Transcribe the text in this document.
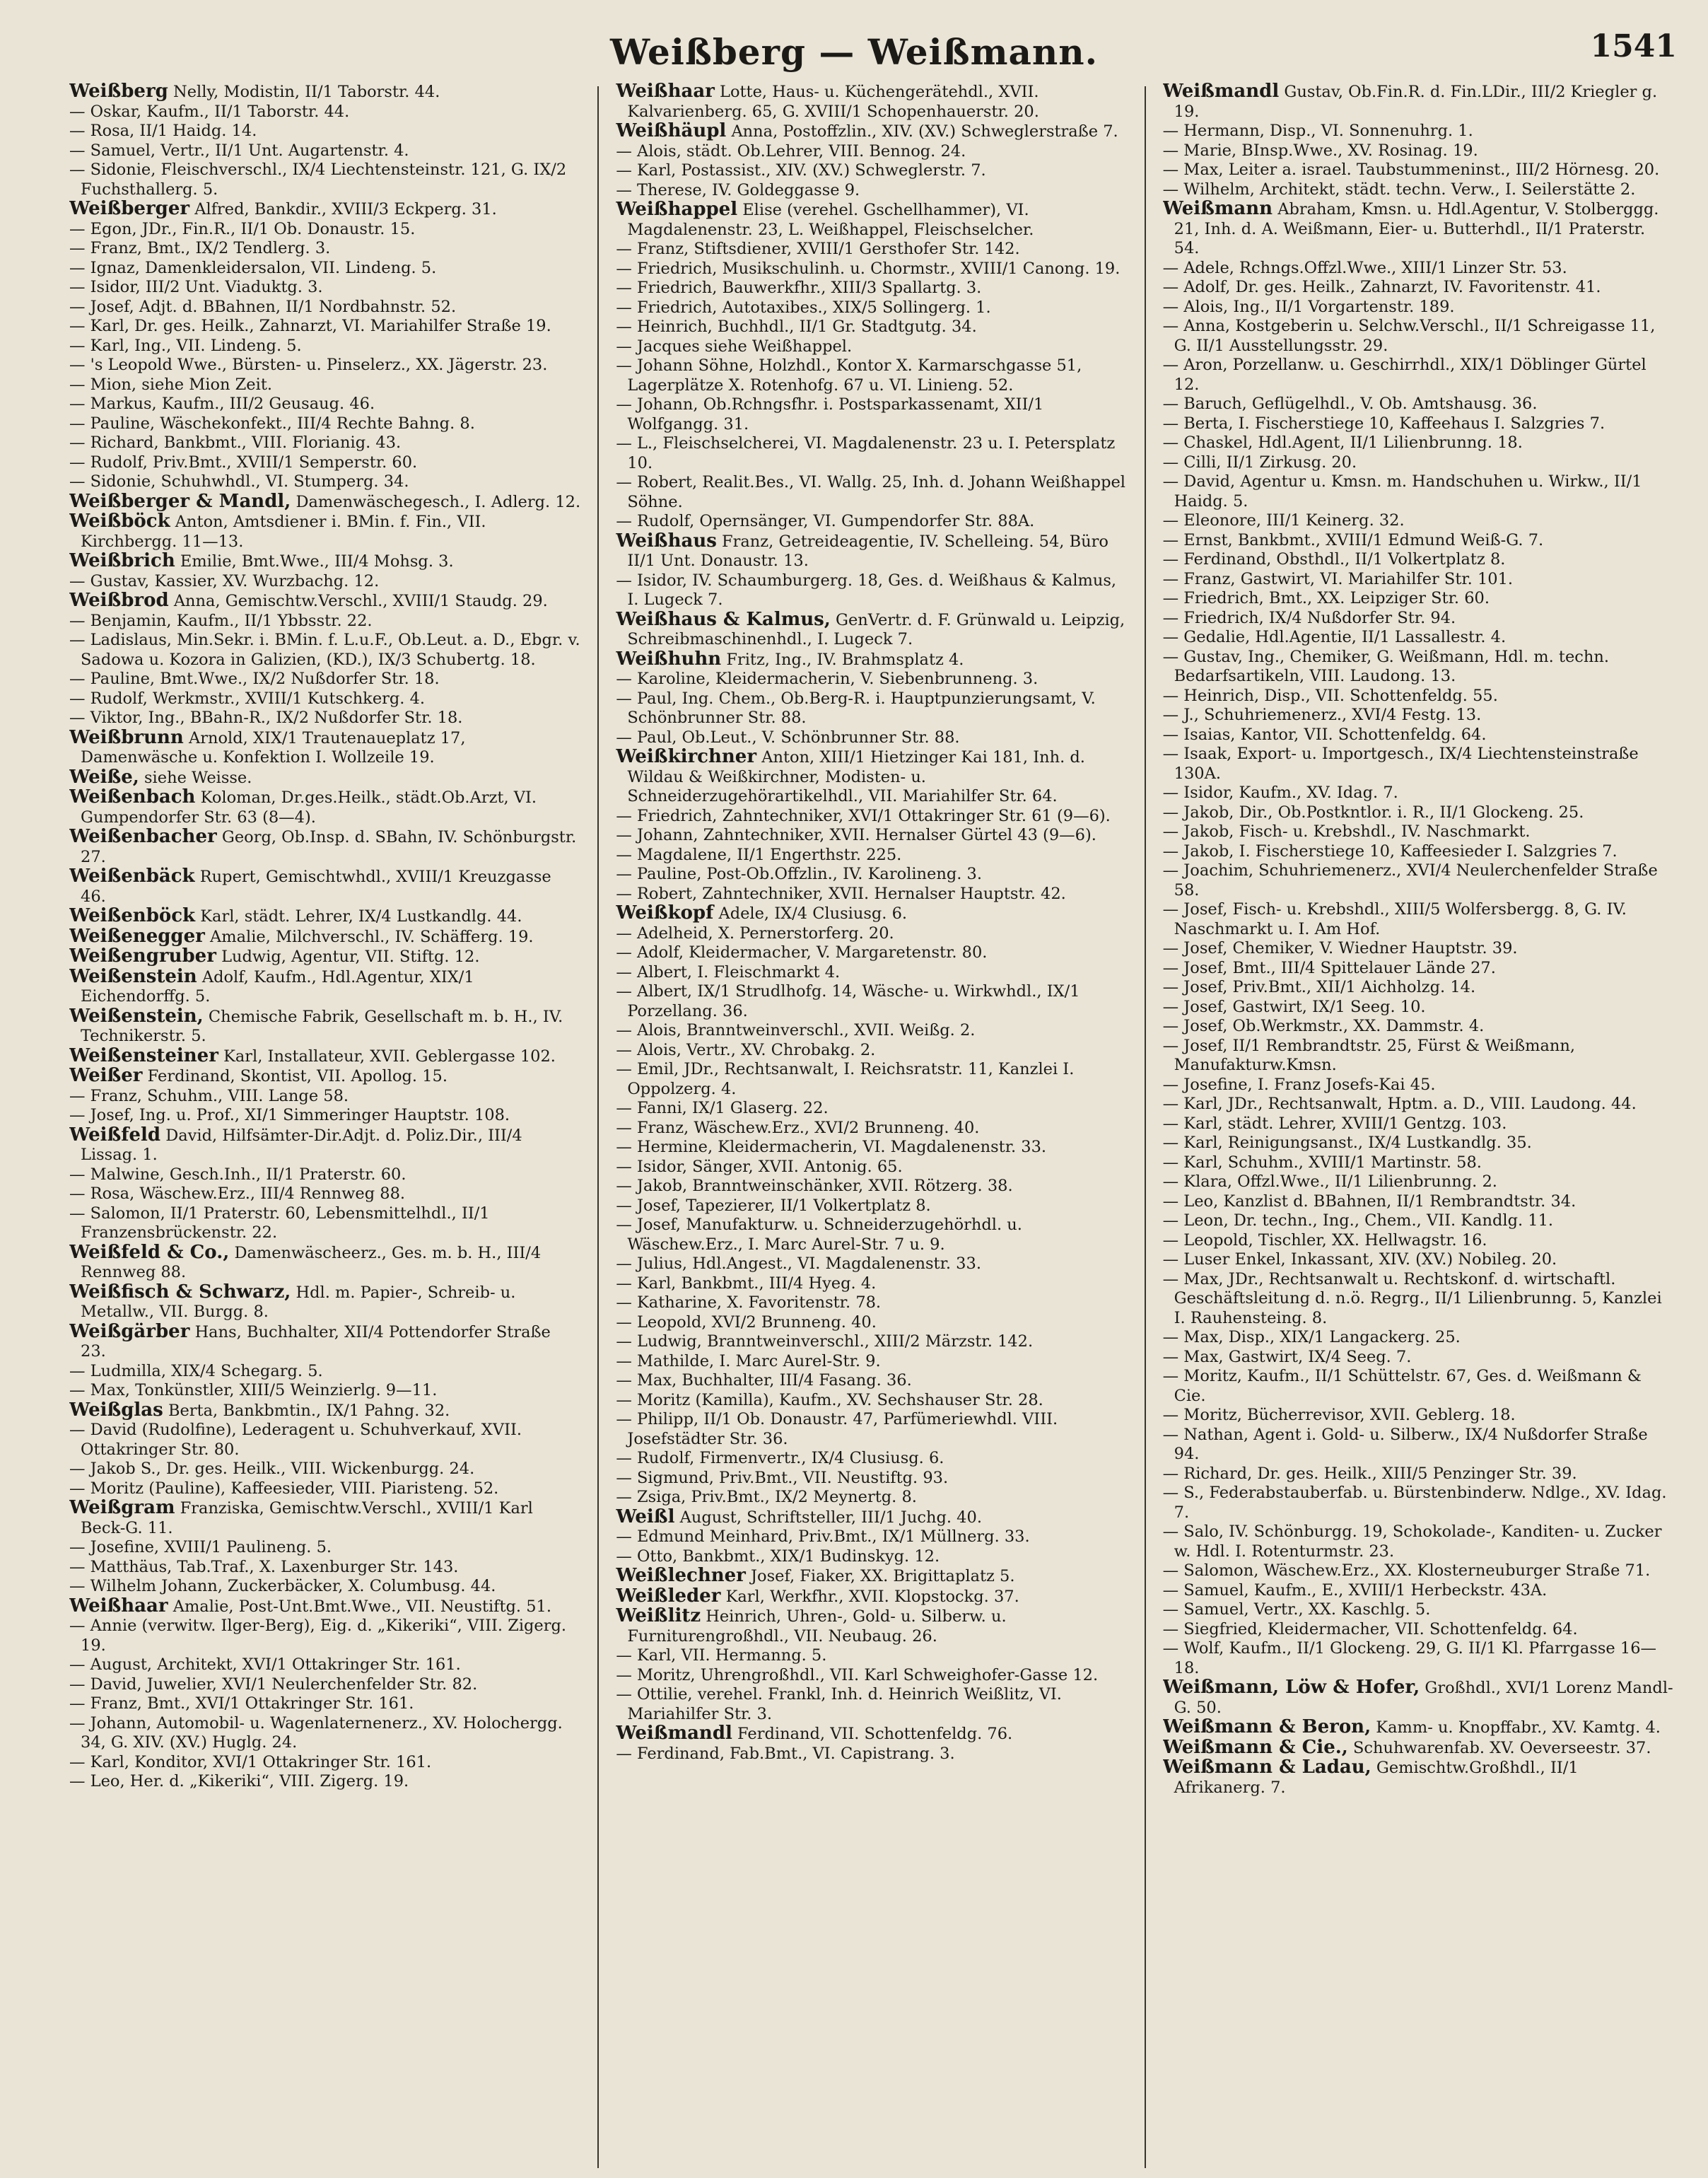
Weißberg — Weißmann.	1541

Weißberg Nelly, Modistin, II/1 Taborstr. 44.

— Oskar, Kaufm., II/1 Taborstr. 44.

— Rosa, II/1 Haidg. 14.

— Samuel, Vertr., II/1 Unt. Augartenstr. 4.

— Sidonie, Fleischverschl., IX/4 Liechtensteinstr. 121, G. IX/2 Fuchsthallerg. 5.

Weißberger Alfred, Bankdir., XVIII/3 Eckperg. 31.

— Egon, JDr., Fin.R., II/1 Ob. Donaustr. 15.

— Franz, Bmt., IX/2 Tendlerg. 3.

— Ignaz, Damenkleidersalon, VII. Lindeng. 5.

— Isidor, III/2 Unt. Viaduktg. 3.

— Josef, Adjt. d. BBahnen, II/1 Nordbahnstr. 52.

— Karl, Dr. ges. Heilk., Zahnarzt, VI. Mariahilfer Straße 19.

— Karl, Ing., VII. Lindeng. 5.

— 's Leopold Wwe., Bürsten- u. Pinselerz., XX. Jägerstr. 23.

— Mion, siehe Mion Zeit.

— Markus, Kaufm., III/2 Geusaug. 46.

— Pauline, Wäschekonfekt., III/4 Rechte Bahng. 8.

— Richard, Bankbmt., VIII. Florianig. 43.

— Rudolf, Priv.Bmt., XVIII/1 Semperstr. 60.

— Sidonie, Schuhwhdl., VI. Stumperg. 34.

Weißberger & Mandl, Damenwäschegesch., I. Adlerg. 12.

Weißböck Anton, Amtsdiener i. BMin. f. Fin., VII. Kirchbergg. 11—13.

Weißbrich Emilie, Bmt.Wwe., III/4 Mohsg. 3.

— Gustav, Kassier, XV. Wurzbachg. 12.

Weißbrod Anna, Gemischtw.Verschl., XVIII/1 Staudg. 29.

— Benjamin, Kaufm., II/1 Ybbsstr. 22.

— Ladislaus, Min.Sekr. i. BMin. f. L.u.F., Ob.Leut. a. D., Ebgr. v. Sadowa u. Kozora in Galizien, (KD.), IX/3 Schubertg. 18.

— Pauline, Bmt.Wwe., IX/2 Nußdorfer Str. 18.

— Rudolf, Werkmstr., XVIII/1 Kutschkerg. 4.

— Viktor, Ing., BBahn-R., IX/2 Nußdorfer Str. 18.

Weißbrunn Arnold, XIX/1 Trautenaueplatz 17, Damenwäsche u. Konfektion I. Wollzeile 19.

Weiße, siehe Weisse.

Weißenbach Koloman, Dr.ges.Heilk., städt.Ob.Arzt, VI. Gumpendorfer Str. 63 (8—4).

Weißenbacher Georg, Ob.Insp. d. SBahn, IV. Schönburgstr. 27.

Weißenbäck Rupert, Gemischtwhdl., XVIII/1 Kreuzgasse 46.

Weißenböck Karl, städt. Lehrer, IX/4 Lustkandlg. 44.

Weißenegger Amalie, Milchverschl., IV. Schäfferg. 19.

Weißengruber Ludwig, Agentur, VII. Stiftg. 12.

Weißenstein Adolf, Kaufm., Hdl.Agentur, XIX/1 Eichendorffg. 5.

Weißenstein, Chemische Fabrik, Gesellschaft m. b. H., IV. Technikerstr. 5.

Weißensteiner Karl, Installateur, XVII. Geblergasse 102.

Weißer Ferdinand, Skontist, VII. Apollog. 15.

— Franz, Schuhm., VIII. Lange 58.

— Josef, Ing. u. Prof., XI/1 Simmeringer Hauptstr. 108.

Weißfeld David, Hilfsämter-Dir.Adjt. d. Poliz.Dir., III/4 Lissag. 1.

— Malwine, Gesch.Inh., II/1 Praterstr. 60.

— Rosa, Wäschew.Erz., III/4 Rennweg 88.

— Salomon, II/1 Praterstr. 60, Lebensmittelhdl., II/1 Franzensbrückenstr. 22.

Weißfeld & Co., Damenwäscheerz., Ges. m. b. H., III/4 Rennweg 88.

Weißfisch & Schwarz, Hdl. m. Papier-, Schreib- u. Metallw., VII. Burgg. 8.

Weißgärber Hans, Buchhalter, XII/4 Pottendorfer Straße 23.

— Ludmilla, XIX/4 Schegarg. 5.

— Max, Tonkünstler, XIII/5 Weinzierlg. 9—11.

Weißglas Berta, Bankbmtin., IX/1 Pahng. 32.

— David (Rudolfine), Lederagent u. Schuhverkauf, XVII. Ottakringer Str. 80.

— Jakob S., Dr. ges. Heilk., VIII. Wickenburgg. 24.

— Moritz (Pauline), Kaffeesieder, VIII. Piaristeng. 52.

Weißgram Franziska, Gemischtw.Verschl., XVIII/1 Karl Beck-G. 11.

— Josefine, XVIII/1 Paulineng. 5.

— Matthäus, Tab.Trаf., X. Laxenburger Str. 143.

— Wilhelm Johann, Zuckerbäcker, X. Columbusg. 44.

Weißhaar Amalie, Post-Unt.Bmt.Wwe., VII. Neustiftg. 51.

— Annie (verwitw. Ilger-Berg), Eig. d. „Kikeriki“, VIII. Zigerg. 19.

— August, Architekt, XVI/1 Ottakringer Str. 161.

— David, Juwelier, XVI/1 Neulerchenfelder Str. 82.

— Franz, Bmt., XVI/1 Ottakringer Str. 161.

— Johann, Automobil- u. Wagenlaternenerz., XV. Holochergg. 34, G. XIV. (XV.) Huglg. 24.

— Karl, Konditor, XVI/1 Ottakringer Str. 161.

— Leo, Her. d. „Kikeriki“, VIII. Zigerg. 19.

Weißhaar Lotte, Haus- u. Küchengerätehdl., XVII. Kalvarienberg. 65, G. XVIII/1 Schopenhauerstr. 20.

Weißhäupl Anna, Postoffzlin., XIV. (XV.) Schweglerstraße 7.

— Alois, städt. Ob.Lehrer, VIII. Bennog. 24.

— Karl, Postassist., XIV. (XV.) Schweglerstr. 7.

— Therese, IV. Goldeggasse 9.

Weißhappel Elise (verehel. Gschellhammer), VI. Magdalenenstr. 23, L. Weißhappel, Fleischselcher.

— Franz, Stiftsdiener, XVIII/1 Gersthofer Str. 142.

— Friedrich, Musikschulinh. u. Chormstr., XVIII/1 Canong. 19.

— Friedrich, Bauwerkfhr., XIII/3 Spallartg. 3.

— Friedrich, Autotaxibes., XIX/5 Sollingerg. 1.

— Heinrich, Buchhdl., II/1 Gr. Stadtgutg. 34.

— Jacques siehe Weißhappel.

— Johann Söhne, Holzhdl., Kontor X. Karmarschgasse 51, Lagerplätze X. Rotenhofg. 67 u. VI. Linieng. 52.

— Johann, Ob.Rchngsfhr. i. Postsparkassenamt, XII/1 Wolfgangg. 31.

— L., Fleischselcherei, VI. Magdalenenstr. 23 u. I. Petersplatz 10.

— Robert, Realit.Bes., VI. Wallg. 25, Inh. d. Johann Weißhappel Söhne.

— Rudolf, Opernsänger, VI. Gumpendorfer Str. 88A.

Weißhaus Franz, Getreideagentie, IV. Schelleing. 54, Büro II/1 Unt. Donaustr. 13.

— Isidor, IV. Schaumburgerg. 18, Ges. d. Weißhaus & Kalmus, I. Lugeck 7.

Weißhaus & Kalmus, GenVertr. d. F. Grünwald u. Leipzig, Schreibmaschinenhdl., I. Lugeck 7.

Weißhuhn Fritz, Ing., IV. Brahmsplatz 4.

— Karoline, Kleidermacherin, V. Siebenbrunneng. 3.

— Paul, Ing. Chem., Ob.Berg-R. i. Hauptpunzierungsamt, V. Schönbrunner Str. 88.

— Paul, Ob.Leut., V. Schönbrunner Str. 88.

Weißkirchner Anton, XIII/1 Hietzinger Kai 181, Inh. d. Wildau & Weißkirchner, Modisten- u. Schneiderzugehörartikelhdl., VII. Mariahilfer Str. 64.

— Friedrich, Zahntechniker, XVI/1 Ottakringer Str. 61 (9—6).

— Johann, Zahntechniker, XVII. Hernalser Gürtel 43 (9—6).

— Magdalene, II/1 Engerthstr. 225.

— Pauline, Post-Ob.Offzlin., IV. Karolineng. 3.

— Robert, Zahntechniker, XVII. Hernalser Hauptstr. 42.

Weißkopf Adele, IX/4 Clusiusg. 6.

— Adelheid, X. Pernerstorferg. 20.

— Adolf, Kleidermacher, V. Margaretenstr. 80.

— Albert, I. Fleischmarkt 4.

— Albert, IX/1 Strudlhofg. 14, Wäsche- u. Wirkwhdl., IX/1 Porzellang. 36.

— Alois, Branntweinverschl., XVII. Weißg. 2.

— Alois, Vertr., XV. Chrobakg. 2.

— Emil, JDr., Rechtsanwalt, I. Reichsratstr. 11, Kanzlei I. Oppolzerg. 4.

— Fanni, IX/1 Glaserg. 22.

— Franz, Wäschew.Erz., XVI/2 Brunneng. 40.

— Hermine, Kleidermacherin, VI. Magdalenenstr. 33.

— Isidor, Sänger, XVII. Antonig. 65.

— Jakob, Branntweinschänker, XVII. Rötzerg. 38.

— Josef, Tapezierer, II/1 Volkertplatz 8.

— Josef, Manufakturw. u. Schneiderzugehörhdl. u. Wäschew.Erz., I. Marc Aurel-Str. 7 u. 9.

— Julius, Hdl.Angest., VI. Magdalenenstr. 33.

— Karl, Bankbmt., III/4 Hyeg. 4.

— Katharine, X. Favoritenstr. 78.

— Leopold, XVI/2 Brunneng. 40.

— Ludwig, Branntweinverschl., XIII/2 Märzstr. 142.

— Mathilde, I. Marc Aurel-Str. 9.

— Max, Buchhalter, III/4 Fasang. 36.

— Moritz (Kamilla), Kaufm., XV. Sechshauser Str. 28.

— Philipp, II/1 Ob. Donaustr. 47, Parfümeriewhdl. VIII. Josefstädter Str. 36.

— Rudolf, Firmenvertr., IX/4 Clusiusg. 6.

— Sigmund, Priv.Bmt., VII. Neustiftg. 93.

— Zsiga, Priv.Bmt., IX/2 Meynertg. 8.

Weißl August, Schriftsteller, III/1 Juchg. 40.

— Edmund Meinhard, Priv.Bmt., IX/1 Müllnerg. 33.

— Otto, Bankbmt., XIX/1 Budinskyg. 12.

Weißlechner Josef, Fiaker, XX. Brigittaplatz 5.

Weißleder Karl, Werkfhr., XVII. Klopstockg. 37.

Weißlitz Heinrich, Uhren-, Gold- u. Silberw. u. Furniturengroßhdl., VII. Neubaug. 26.

— Karl, VII. Hermanng. 5.

— Moritz, Uhrengroßhdl., VII. Karl Schweighofer-Gasse 12.

— Ottilie, verehel. Frankl, Inh. d. Heinrich Weißlitz, VI. Mariahilfer Str. 3.

Weißmandl Ferdinand, VII. Schottenfeldg. 76.

— Ferdinand, Fab.Bmt., VI. Capistrang. 3.

Weißmandl Gustav, Ob.Fin.R. d. Fin.LDir., III/2 Kriegler g. 19.

— Hermann, Disp., VI. Sonnenuhrg. 1.

— Marie, BInsp.Wwe., XV. Rosinag. 19.

— Max, Leiter a. israel. Taubstummeninst., III/2 Hörnesg. 20.

— Wilhelm, Architekt, städt. techn. Verw., I. Seilerstätte 2.

Weißmann Abraham, Kmsn. u. Hdl.Agentur, V. Stolberggg. 21, Inh. d. A. Weißmann, Eier- u. Butterhdl., II/1 Praterstr. 54.

— Adele, Rchngs.Offzl.Wwe., XIII/1 Linzer Str. 53.

— Adolf, Dr. ges. Heilk., Zahnarzt, IV. Favoritenstr. 41.

— Alois, Ing., II/1 Vorgartenstr. 189.

— Anna, Kostgeberin u. Selchw.Verschl., II/1 Schreigasse 11, G. II/1 Ausstellungsstr. 29.

— Aron, Porzellanw. u. Geschirrhdl., XIX/1 Döblinger Gürtel 12.

— Baruch, Geflügelhdl., V. Ob. Amtshausg. 36.

— Berta, I. Fischerstiege 10, Kaffeehaus I. Salzgries 7.

— Chaskel, Hdl.Agent, II/1 Lilienbrunng. 18.

— Cilli, II/1 Zirkusg. 20.

— David, Agentur u. Kmsn. m. Handschuhen u. Wirkw., II/1 Haidg. 5.

— Eleonore, III/1 Keinerg. 32.

— Ernst, Bankbmt., XVIII/1 Edmund Weiß-G. 7.

— Ferdinand, Obsthdl., II/1 Volkertplatz 8.

— Franz, Gastwirt, VI. Mariahilfer Str. 101.

— Friedrich, Bmt., XX. Leipziger Str. 60.

— Friedrich, IX/4 Nußdorfer Str. 94.

— Gedalie, Hdl.Agentie, II/1 Lassallestr. 4.

— Gustav, Ing., Chemiker, G. Weißmann, Hdl. m. techn. Bedarfsartikeln, VIII. Laudong. 13.

— Heinrich, Disp., VII. Schottenfeldg. 55.

— J., Schuhriemenerz., XVI/4 Festg. 13.

— Isaias, Kantor, VII. Schottenfeldg. 64.

— Isaak, Export- u. Importgesch., IX/4 Liechtensteinstraße 130A.

— Isidor, Kaufm., XV. Idag. 7.

— Jakob, Dir., Ob.Postkntlor. i. R., II/1 Glockeng. 25.

— Jakob, Fisch- u. Krebshdl., IV. Naschmarkt.

— Jakob, I. Fischerstiege 10, Kaffeesieder I. Salzgries 7.

— Joachim, Schuhriemenerz., XVI/4 Neulerchenfelder Straße 58.

— Josef, Fisch- u. Krebshdl., XIII/5 Wolfersbergg. 8, G. IV. Naschmarkt u. I. Am Hof.

— Josef, Chemiker, V. Wiedner Hauptstr. 39.

— Josef, Bmt., III/4 Spittelauer Lände 27.

— Josef, Priv.Bmt., XII/1 Aichholzg. 14.

— Josef, Gastwirt, IX/1 Seeg. 10.

— Josef, Ob.Werkmstr., XX. Dammstr. 4.

— Josef, II/1 Rembrandtstr. 25, Fürst & Weißmann, Manufakturw.Kmsn.

— Josefine, I. Franz Josefs-Kai 45.

— Karl, JDr., Rechtsanwalt, Hptm. a. D., VIII. Laudong. 44.

— Karl, städt. Lehrer, XVIII/1 Gentzg. 103.

— Karl, Reinigungsanst., IX/4 Lustkandlg. 35.

— Karl, Schuhm., XVIII/1 Martinstr. 58.

— Klara, Offzl.Wwe., II/1 Lilienbrunng. 2.

— Leo, Kanzlist d. BBahnen, II/1 Rembrandtstr. 34.

— Leon, Dr. techn., Ing., Chem., VII. Kandlg. 11.

— Leopold, Tischler, XX. Hellwagstr. 16.

— Luser Enkel, Inkassant, XIV. (XV.) Nobileg. 20.

— Max, JDr., Rechtsanwalt u. Rechtskonf. d. wirtschaftl. Geschäftsleitung d. n.ö. Regrg., II/1 Lilienbrunng. 5, Kanzlei I. Rauhensteing. 8.

— Max, Disp., XIX/1 Langackerg. 25.

— Max, Gastwirt, IX/4 Seeg. 7.

— Moritz, Kaufm., II/1 Schüttelstr. 67, Ges. d. Weißmann & Cie.

— Moritz, Bücherrevisor, XVII. Geblerg. 18.

— Nathan, Agent i. Gold- u. Silberw., IX/4 Nußdorfer Straße 94.

— Richard, Dr. ges. Heilk., XIII/5 Penzinger Str. 39.

— S., Federabstauberfab. u. Bürstenbinderw. Ndlge., XV. Idag. 7.

— Salo, IV. Schönburgg. 19, Schokolade-, Kanditen- u. Zucker w. Hdl. I. Rotenturmstr. 23.

— Salomon, Wäschew.Erz., XX. Klosterneuburger Straße 71.

— Samuel, Kaufm., E., XVIII/1 Herbeckstr. 43A.

— Samuel, Vertr., XX. Kaschlg. 5.

— Siegfried, Kleidermacher, VII. Schottenfeldg. 64.

— Wolf, Kaufm., II/1 Glockeng. 29, G. II/1 Kl. Pfarrgasse 16—18.

Weißmann, Löw & Hofer, Großhdl., XVI/1 Lorenz Mandl-G. 50.

Weißmann & Beron, Kamm- u. Knopffabr., XV. Kamtg. 4.

Weißmann & Cie., Schuhwarenfab. XV. Oeverseestr. 37.

Weißmann & Ladau, Gemischtw.Großhdl., II/1 Afrikanerg. 7.
